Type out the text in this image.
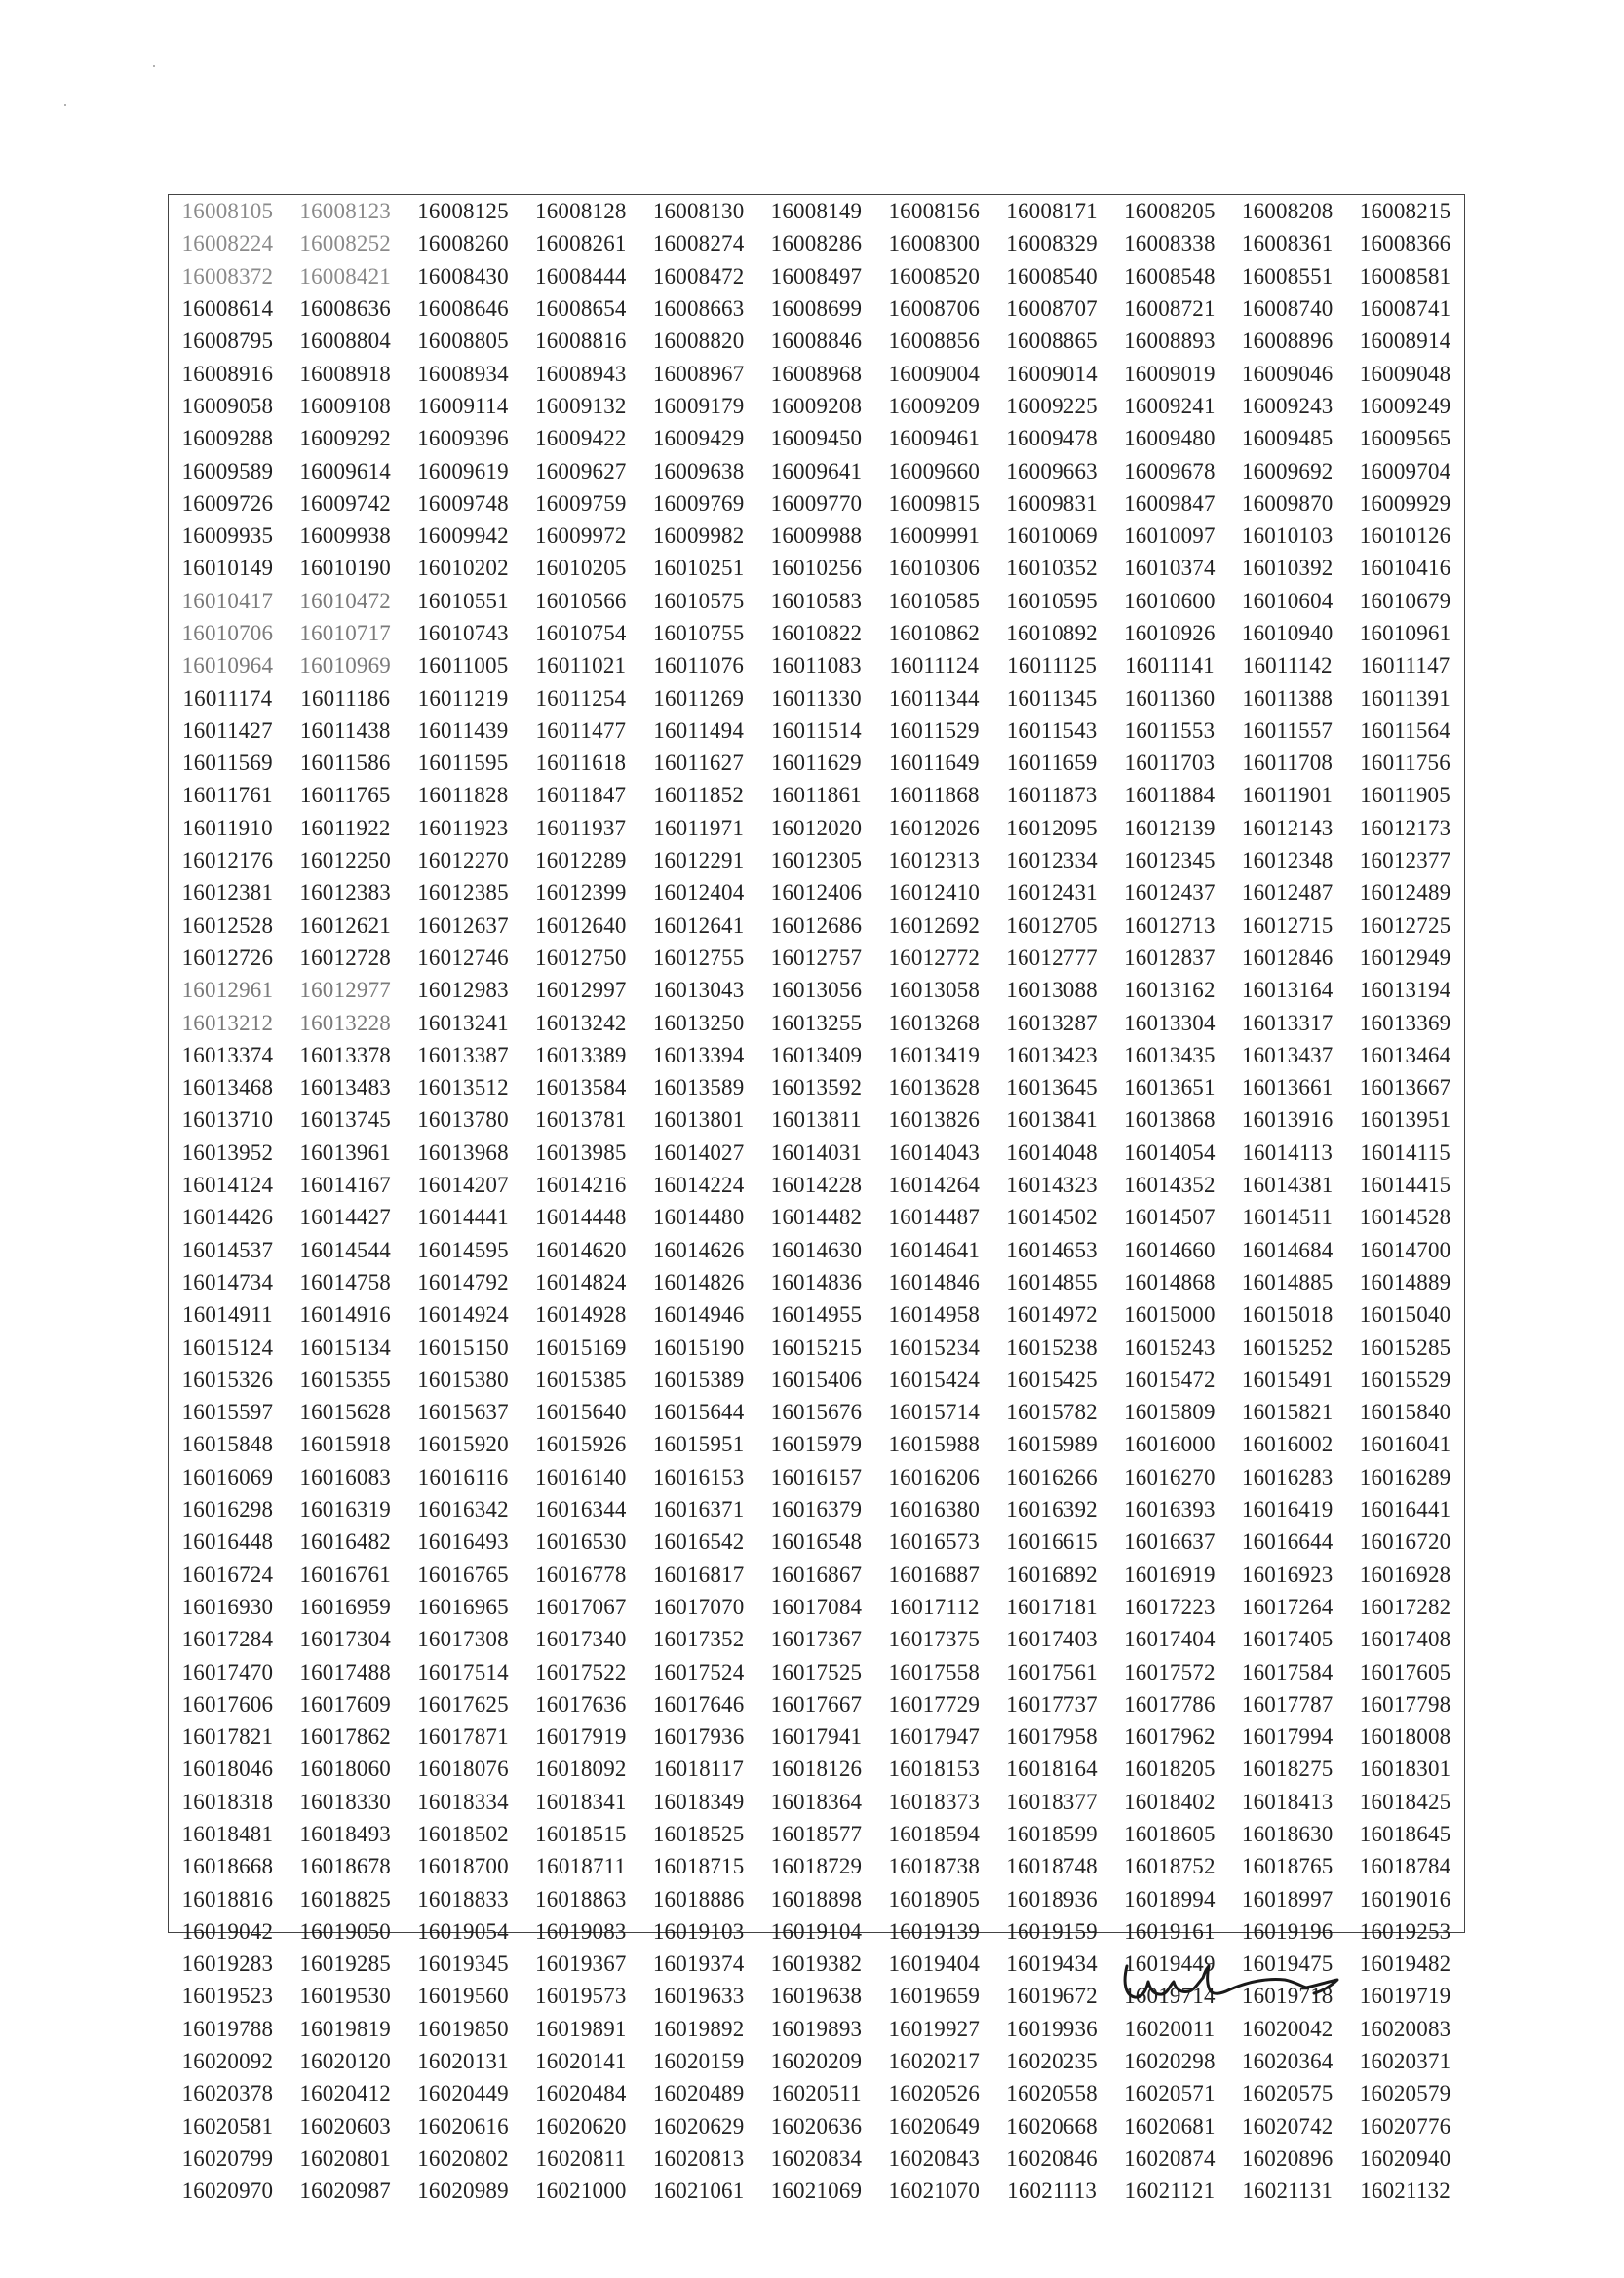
16008105	16008123	16008125	16008128	16008130	16008149	16008156	16008171	16008205	16008208	16008215
16008224	16008252	16008260	16008261	16008274	16008286	16008300	16008329	16008338	16008361	16008366
16008372	16008421	16008430	16008444	16008472	16008497	16008520	16008540	16008548	16008551	16008581
16008614	16008636	16008646	16008654	16008663	16008699	16008706	16008707	16008721	16008740	16008741
16008795	16008804	16008805	16008816	16008820	16008846	16008856	16008865	16008893	16008896	16008914
16008916	16008918	16008934	16008943	16008967	16008968	16009004	16009014	16009019	16009046	16009048
16009058	16009108	16009114	16009132	16009179	16009208	16009209	16009225	16009241	16009243	16009249
16009288	16009292	16009396	16009422	16009429	16009450	16009461	16009478	16009480	16009485	16009565
16009589	16009614	16009619	16009627	16009638	16009641	16009660	16009663	16009678	16009692	16009704
16009726	16009742	16009748	16009759	16009769	16009770	16009815	16009831	16009847	16009870	16009929
16009935	16009938	16009942	16009972	16009982	16009988	16009991	16010069	16010097	16010103	16010126
16010149	16010190	16010202	16010205	16010251	16010256	16010306	16010352	16010374	16010392	16010416
16010417	16010472	16010551	16010566	16010575	16010583	16010585	16010595	16010600	16010604	16010679
16010706	16010717	16010743	16010754	16010755	16010822	16010862	16010892	16010926	16010940	16010961
16010964	16010969	16011005	16011021	16011076	16011083	16011124	16011125	16011141	16011142	16011147
16011174	16011186	16011219	16011254	16011269	16011330	16011344	16011345	16011360	16011388	16011391
16011427	16011438	16011439	16011477	16011494	16011514	16011529	16011543	16011553	16011557	16011564
16011569	16011586	16011595	16011618	16011627	16011629	16011649	16011659	16011703	16011708	16011756
16011761	16011765	16011828	16011847	16011852	16011861	16011868	16011873	16011884	16011901	16011905
16011910	16011922	16011923	16011937	16011971	16012020	16012026	16012095	16012139	16012143	16012173
16012176	16012250	16012270	16012289	16012291	16012305	16012313	16012334	16012345	16012348	16012377
16012381	16012383	16012385	16012399	16012404	16012406	16012410	16012431	16012437	16012487	16012489
16012528	16012621	16012637	16012640	16012641	16012686	16012692	16012705	16012713	16012715	16012725
16012726	16012728	16012746	16012750	16012755	16012757	16012772	16012777	16012837	16012846	16012949
16012961	16012977	16012983	16012997	16013043	16013056	16013058	16013088	16013162	16013164	16013194
16013212	16013228	16013241	16013242	16013250	16013255	16013268	16013287	16013304	16013317	16013369
16013374	16013378	16013387	16013389	16013394	16013409	16013419	16013423	16013435	16013437	16013464
16013468	16013483	16013512	16013584	16013589	16013592	16013628	16013645	16013651	16013661	16013667
16013710	16013745	16013780	16013781	16013801	16013811	16013826	16013841	16013868	16013916	16013951
16013952	16013961	16013968	16013985	16014027	16014031	16014043	16014048	16014054	16014113	16014115
16014124	16014167	16014207	16014216	16014224	16014228	16014264	16014323	16014352	16014381	16014415
16014426	16014427	16014441	16014448	16014480	16014482	16014487	16014502	16014507	16014511	16014528
16014537	16014544	16014595	16014620	16014626	16014630	16014641	16014653	16014660	16014684	16014700
16014734	16014758	16014792	16014824	16014826	16014836	16014846	16014855	16014868	16014885	16014889
16014911	16014916	16014924	16014928	16014946	16014955	16014958	16014972	16015000	16015018	16015040
16015124	16015134	16015150	16015169	16015190	16015215	16015234	16015238	16015243	16015252	16015285
16015326	16015355	16015380	16015385	16015389	16015406	16015424	16015425	16015472	16015491	16015529
16015597	16015628	16015637	16015640	16015644	16015676	16015714	16015782	16015809	16015821	16015840
16015848	16015918	16015920	16015926	16015951	16015979	16015988	16015989	16016000	16016002	16016041
16016069	16016083	16016116	16016140	16016153	16016157	16016206	16016266	16016270	16016283	16016289
16016298	16016319	16016342	16016344	16016371	16016379	16016380	16016392	16016393	16016419	16016441
16016448	16016482	16016493	16016530	16016542	16016548	16016573	16016615	16016637	16016644	16016720
16016724	16016761	16016765	16016778	16016817	16016867	16016887	16016892	16016919	16016923	16016928
16016930	16016959	16016965	16017067	16017070	16017084	16017112	16017181	16017223	16017264	16017282
16017284	16017304	16017308	16017340	16017352	16017367	16017375	16017403	16017404	16017405	16017408
16017470	16017488	16017514	16017522	16017524	16017525	16017558	16017561	16017572	16017584	16017605
16017606	16017609	16017625	16017636	16017646	16017667	16017729	16017737	16017786	16017787	16017798
16017821	16017862	16017871	16017919	16017936	16017941	16017947	16017958	16017962	16017994	16018008
16018046	16018060	16018076	16018092	16018117	16018126	16018153	16018164	16018205	16018275	16018301
16018318	16018330	16018334	16018341	16018349	16018364	16018373	16018377	16018402	16018413	16018425
16018481	16018493	16018502	16018515	16018525	16018577	16018594	16018599	16018605	16018630	16018645
16018668	16018678	16018700	16018711	16018715	16018729	16018738	16018748	16018752	16018765	16018784
16018816	16018825	16018833	16018863	16018886	16018898	16018905	16018936	16018994	16018997	16019016
16019042	16019050	16019054	16019083	16019103	16019104	16019139	16019159	16019161	16019196	16019253
16019283	16019285	16019345	16019367	16019374	16019382	16019404	16019434	16019449	16019475	16019482
16019523	16019530	16019560	16019573	16019633	16019638	16019659	16019672	16019714	16019718	16019719
16019788	16019819	16019850	16019891	16019892	16019893	16019927	16019936	16020011	16020042	16020083
16020092	16020120	16020131	16020141	16020159	16020209	16020217	16020235	16020298	16020364	16020371
16020378	16020412	16020449	16020484	16020489	16020511	16020526	16020558	16020571	16020575	16020579
16020581	16020603	16020616	16020620	16020629	16020636	16020649	16020668	16020681	16020742	16020776
16020799	16020801	16020802	16020811	16020813	16020834	16020843	16020846	16020874	16020896	16020940
16020970	16020987	16020989	16021000	16021061	16021069	16021070	16021113	16021121	16021131	16021132
